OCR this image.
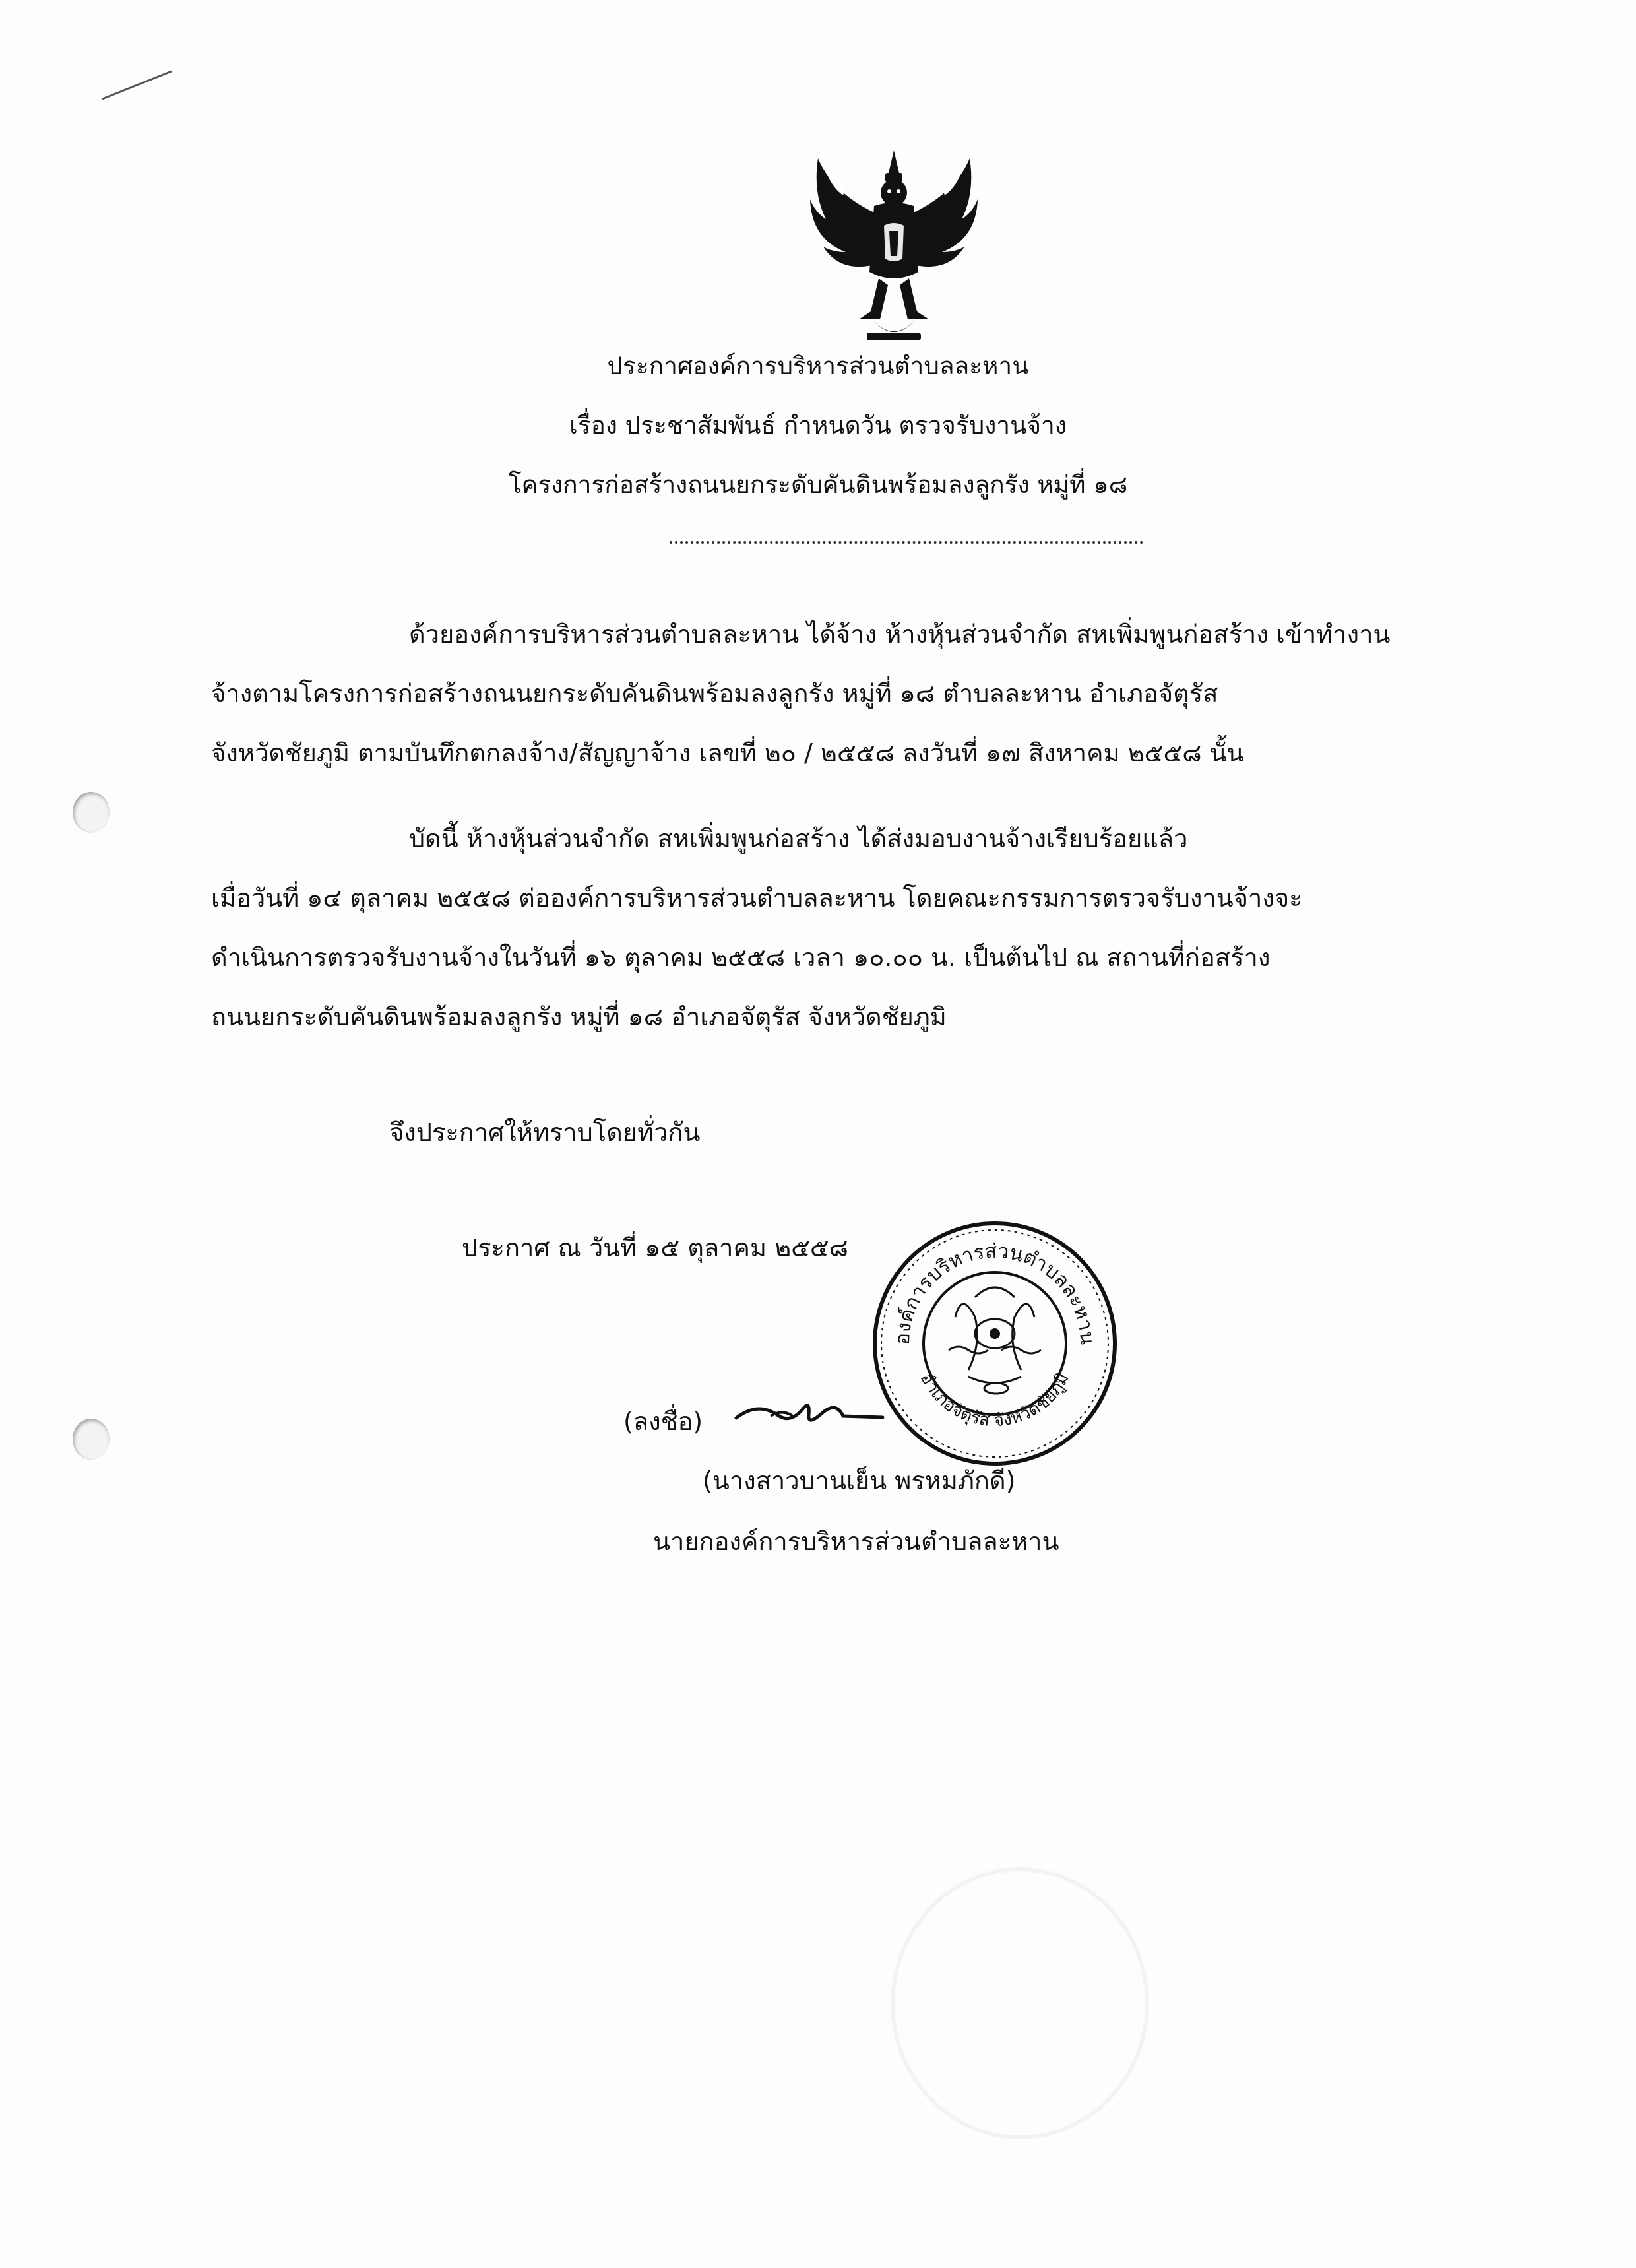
ประกาศองค์การบริหารส่วนตำบลละหาน
เรื่อง ประชาสัมพันธ์ กำหนดวัน ตรวจรับงานจ้าง
โครงการก่อสร้างถนนยกระดับคันดินพร้อมลงลูกรัง หมู่ที่ ๑๘
ด้วยองค์การบริหารส่วนตำบลละหาน ได้จ้าง ห้างหุ้นส่วนจำกัด สหเพิ่มพูนก่อสร้าง เข้าทำงาน
จ้างตามโครงการก่อสร้างถนนยกระดับคันดินพร้อมลงลูกรัง หมู่ที่ ๑๘ ตำบลละหาน อำเภอจัตุรัส
จังหวัดชัยภูมิ ตามบันทึกตกลงจ้าง/สัญญาจ้าง เลขที่ ๒๐ / ๒๕๕๘ ลงวันที่ ๑๗ สิงหาคม ๒๕๕๘ นั้น
บัดนี้ ห้างหุ้นส่วนจำกัด สหเพิ่มพูนก่อสร้าง ได้ส่งมอบงานจ้างเรียบร้อยแล้ว
เมื่อวันที่ ๑๔ ตุลาคม ๒๕๕๘ ต่อองค์การบริหารส่วนตำบลละหาน โดยคณะกรรมการตรวจรับงานจ้างจะ
ดำเนินการตรวจรับงานจ้างในวันที่ ๑๖ ตุลาคม ๒๕๕๘ เวลา ๑๐.๐๐ น. เป็นต้นไป ณ สถานที่ก่อสร้าง
ถนนยกระดับคันดินพร้อมลงลูกรัง หมู่ที่ ๑๘ อำเภอจัตุรัส จังหวัดชัยภูมิ
จึงประกาศให้ทราบโดยทั่วกัน
ประกาศ ณ วันที่ ๑๕ ตุลาคม ๒๕๕๘
(ลงชื่อ)
องค์การบริหารส่วนตำบลละหาน
อำเภอจัตุรัส จังหวัดชัยภูมิ
(นางสาวบานเย็น พรหมภักดี)
นายกองค์การบริหารส่วนตำบลละหาน
